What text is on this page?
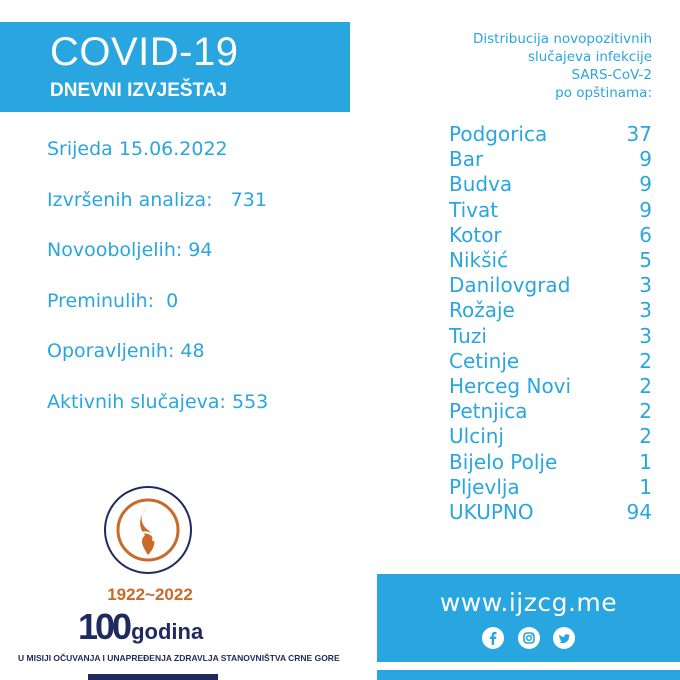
COVID-19
DNEVNI IZVJEŠTAJ
Srijeda 15.06.2022
Izvršenih analiza:   731
Novooboljelih: 94
Preminulih:  0
Oporavljenih: 48
Aktivnih slučajeva: 553
Distribucija novopozitivnih
slučajeva infekcije
SARS-CoV-2
po opštinama:
Podgorica	37
Bar	9
Budva	9
Tivat	9
Kotor	6
Nikšić	5
Danilovgrad	3
Rožaje	3
Tuzi	3
Cetinje	2
Herceg Novi	2
Petnjica	2
Ulcinj	2
Bijelo Polje	1
Pljevlja	1
UKUPNO	94
1922~2022
100godina
U MISIJI OČUVANJA I UNAPREĐENJA ZDRAVLJA STANOVNIŠTVA CRNE GORE
www.ijzcg.me
